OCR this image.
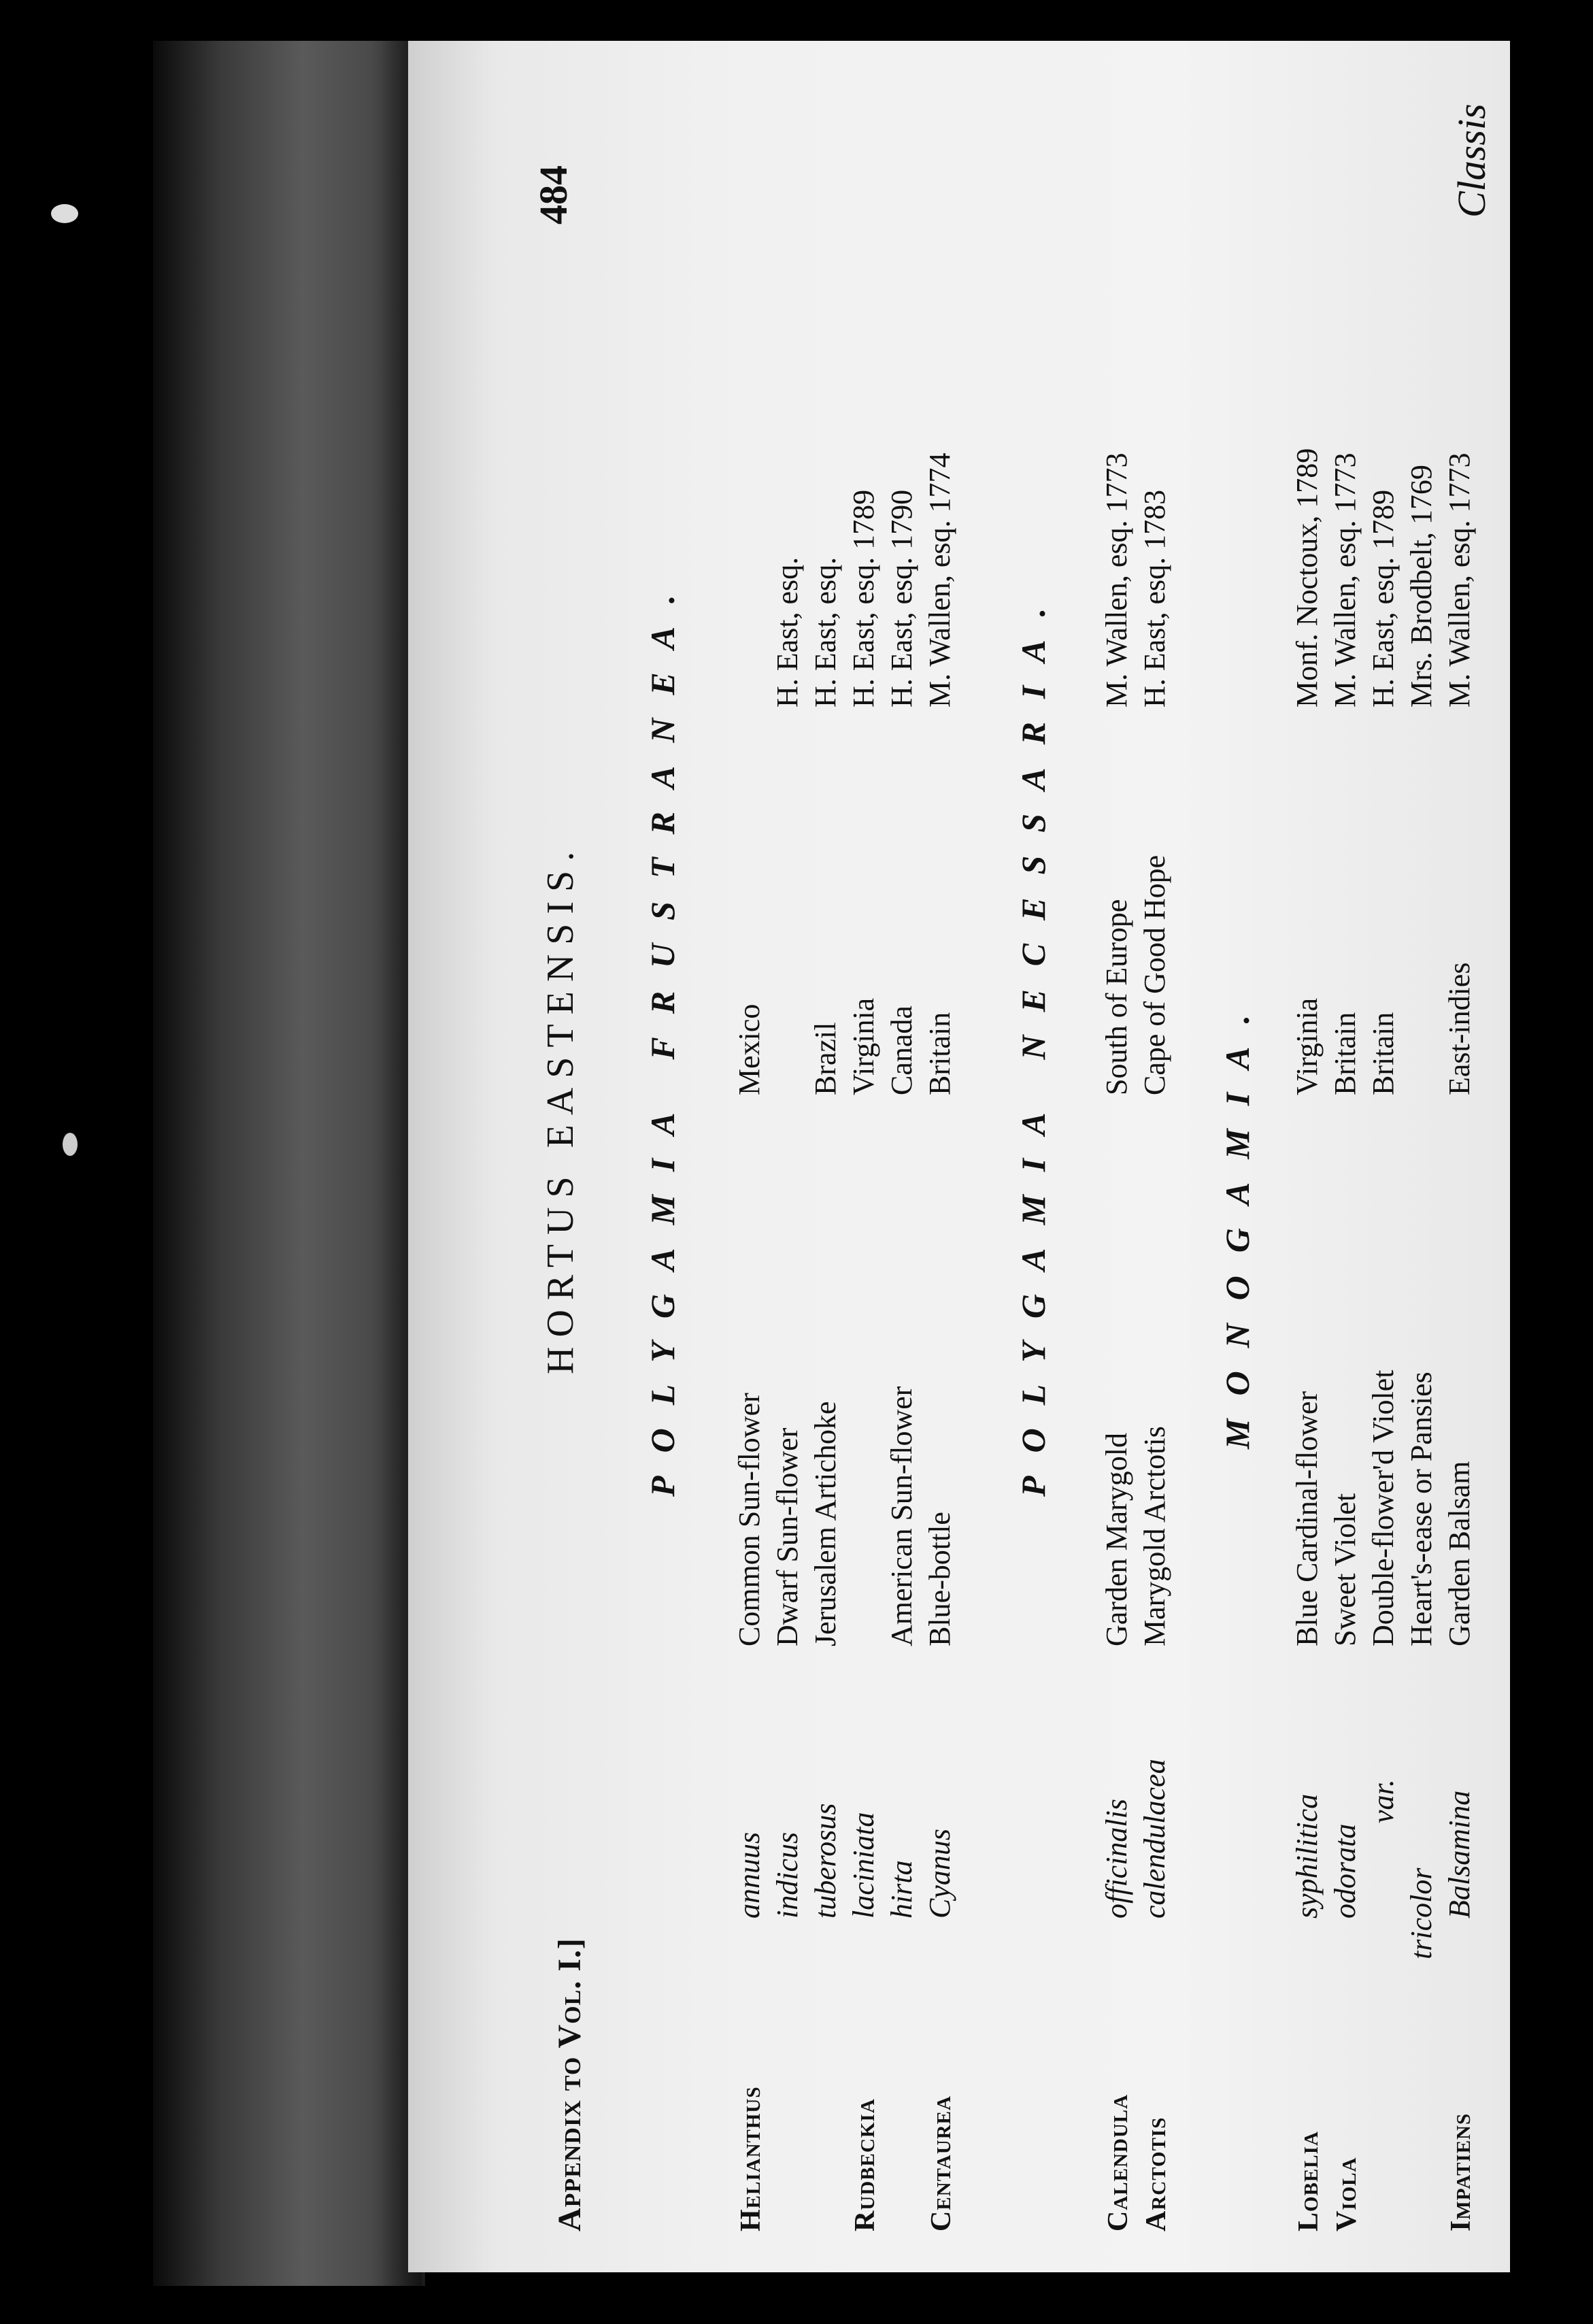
Appendix to Vol. I.]
HORTUS EASTENSIS.
484
POLYGAMIA FRUSTRANEA.
Helianthus
annuus
Common Sun-flower
Mexico
H. East, esq.
indicus
Dwarf Sun-flower
H. East, esq.
tuberosus
Jerusalem Artichoke
Brazil
H. East, esq. 1789
Rudbeckia
laciniata
Virginia
H. East, esq. 1790
hirta
American Sun-flower
Canada
M. Wallen, esq. 1774
Centaurea
Cyanus
Blue-bottle
Britain POLYGAMIA NECESSARIA.
Calendula
officinalis
Garden Marygold
South of Europe
M. Wallen, esq. 1773
Arctotis
calendulacea
Marygold Arctotis
Cape of Good Hope
H. East, esq. 1783
MONOGAMIA.
Lobelia
syphilitica
Blue Cardinal-flower
Virginia
Monf. Noctoux, 1789
Viola
odorata
Sweet Violet
Britain
M. Wallen, esq. 1773
var.
Double-flower'd Violet
Britain
H. East, esq. 1789
tricolor
Heart's-ease or Pansies
Mrs. Brodbelt, 1769
Impatiens
Balsamina
Garden Balsam
East-indies
M. Wallen, esq. 1773
Classis
